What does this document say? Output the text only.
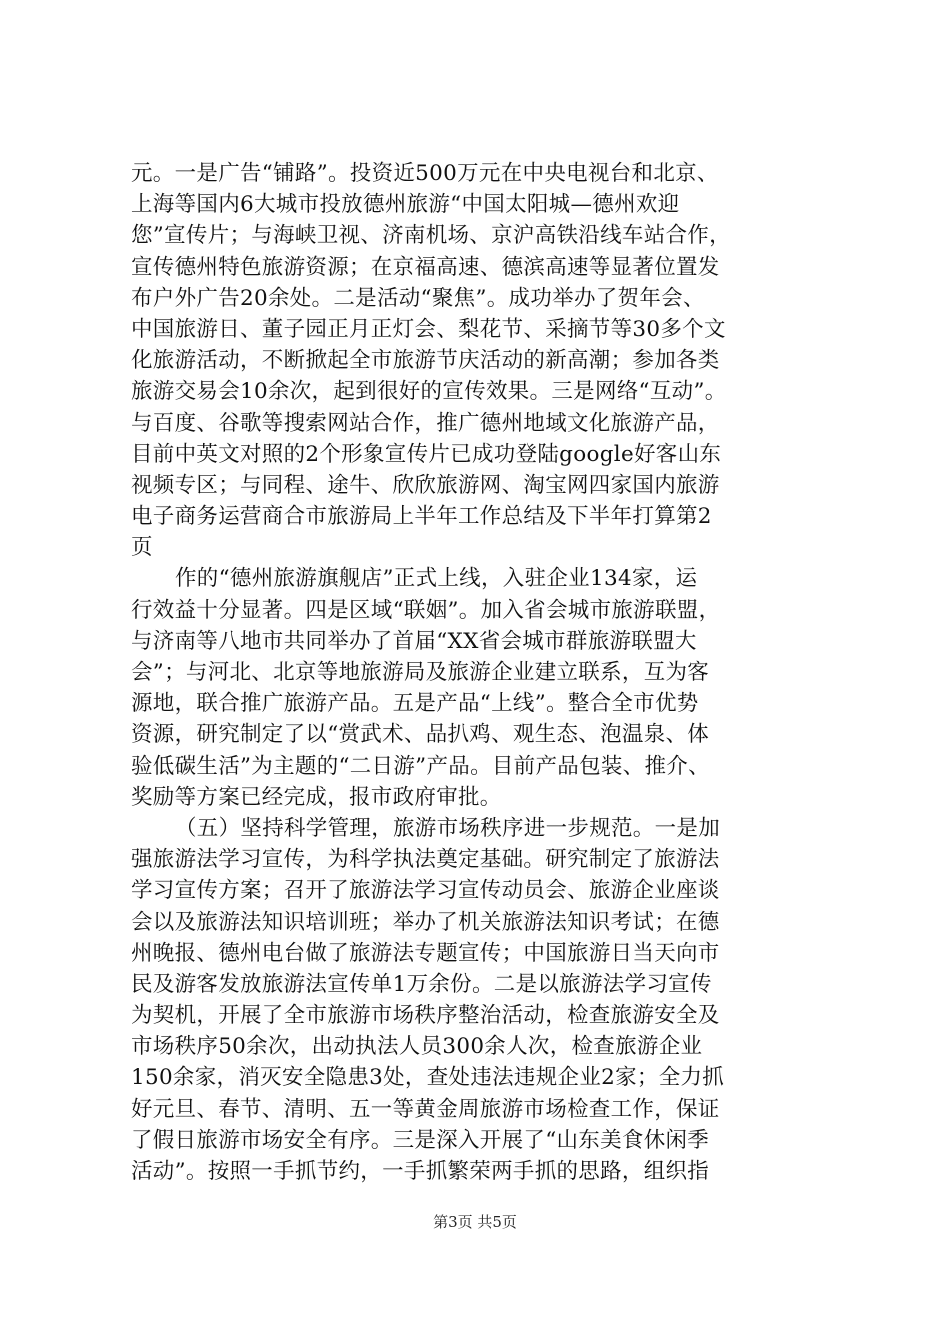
元。一是广告“铺路”。投资近500万元在中央电视台和北京、
上海等国内6大城市投放德州旅游“中国太阳城—德州欢迎
您”宣传片；与海峡卫视、济南机场、京沪高铁沿线车站合作，
宣传德州特色旅游资源；在京福高速、德滨高速等显著位置发
布户外广告20余处。二是活动“聚焦”。成功举办了贺年会、
中国旅游日、董子园正月正灯会、梨花节、采摘节等30多个文
化旅游活动，不断掀起全市旅游节庆活动的新高潮；参加各类
旅游交易会10余次，起到很好的宣传效果。三是网络“互动”。
与百度、谷歌等搜索网站合作，推广德州地域文化旅游产品，
目前中英文对照的2个形象宣传片已成功登陆google好客山东
视频专区；与同程、途牛、欣欣旅游网、淘宝网四家国内旅游
电子商务运营商合市旅游局上半年工作总结及下半年打算第2
页
作的“德州旅游旗舰店”正式上线，入驻企业134家，运
行效益十分显著。四是区域“联姻”。加入省会城市旅游联盟，
与济南等八地市共同举办了首届“XX省会城市群旅游联盟大
会”；与河北、北京等地旅游局及旅游企业建立联系，互为客
源地，联合推广旅游产品。五是产品“上线”。整合全市优势
资源，研究制定了以“赏武术、品扒鸡、观生态、泡温泉、体
验低碳生活”为主题的“二日游”产品。目前产品包装、推介、
奖励等方案已经完成，报市政府审批。
（五）坚持科学管理，旅游市场秩序进一步规范。一是加
强旅游法学习宣传，为科学执法奠定基础。研究制定了旅游法
学习宣传方案；召开了旅游法学习宣传动员会、旅游企业座谈
会以及旅游法知识培训班；举办了机关旅游法知识考试；在德
州晚报、德州电台做了旅游法专题宣传；中国旅游日当天向市
民及游客发放旅游法宣传单1万余份。二是以旅游法学习宣传
为契机，开展了全市旅游市场秩序整治活动，检查旅游安全及
市场秩序50余次，出动执法人员300余人次，检查旅游企业
150余家，消灭安全隐患3处，查处违法违规企业2家；全力抓
好元旦、春节、清明、五一等黄金周旅游市场检查工作，保证
了假日旅游市场安全有序。三是深入开展了“山东美食休闲季
活动”。按照一手抓节约，一手抓繁荣两手抓的思路，组织指
第3页 共5页
